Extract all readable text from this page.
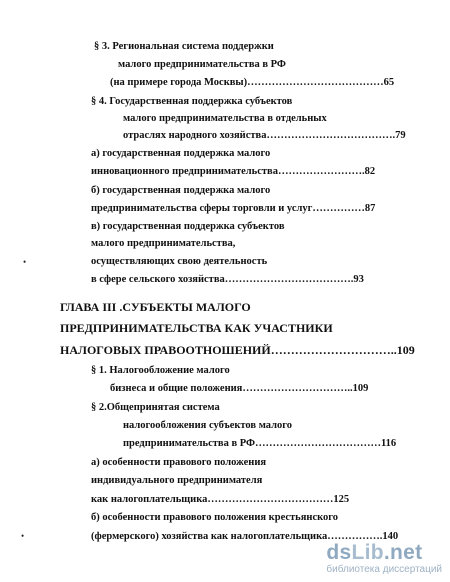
§ 3. Региональная система поддержки
малого предпринимательства в РФ
(на примере города Москвы)…………………………………65
§ 4. Государственная поддержка субъектов
малого предпринимательства в отдельных
отраслях народного хозяйства……………………………….79
а) государственная поддержка малого
инновационного предпринимательства…………………….82
б) государственная поддержка малого
предпринимательства сферы торговли и услуг……………87
в) государственная поддержка субъектов
малого предпринимательства,
осуществляющих свою деятельность
в сфере сельского хозяйства……………………………….93
ГЛАВА III .СУБЪЕКТЫ МАЛОГО
ПРЕДПРИНИМАТЕЛЬСТВА КАК УЧАСТНИКИ
НАЛОГОВЫХ ПРАВООТНОШЕНИЙ…………………………..109
§ 1. Налогообложение малого
бизнеса и общие положения…………………………..109
§ 2.Общепринятая система
налогообложения субъектов малого
предпринимательства в РФ………………………………116
а) особенности правового положения
индивидуального предпринимателя
как налогоплательщика………………………………125
б) особенности правового положения крестьянского
(фермерского) хозяйства как налогоплательщика…………….140
•
•
dsLib.net
библиотека диссертаций
